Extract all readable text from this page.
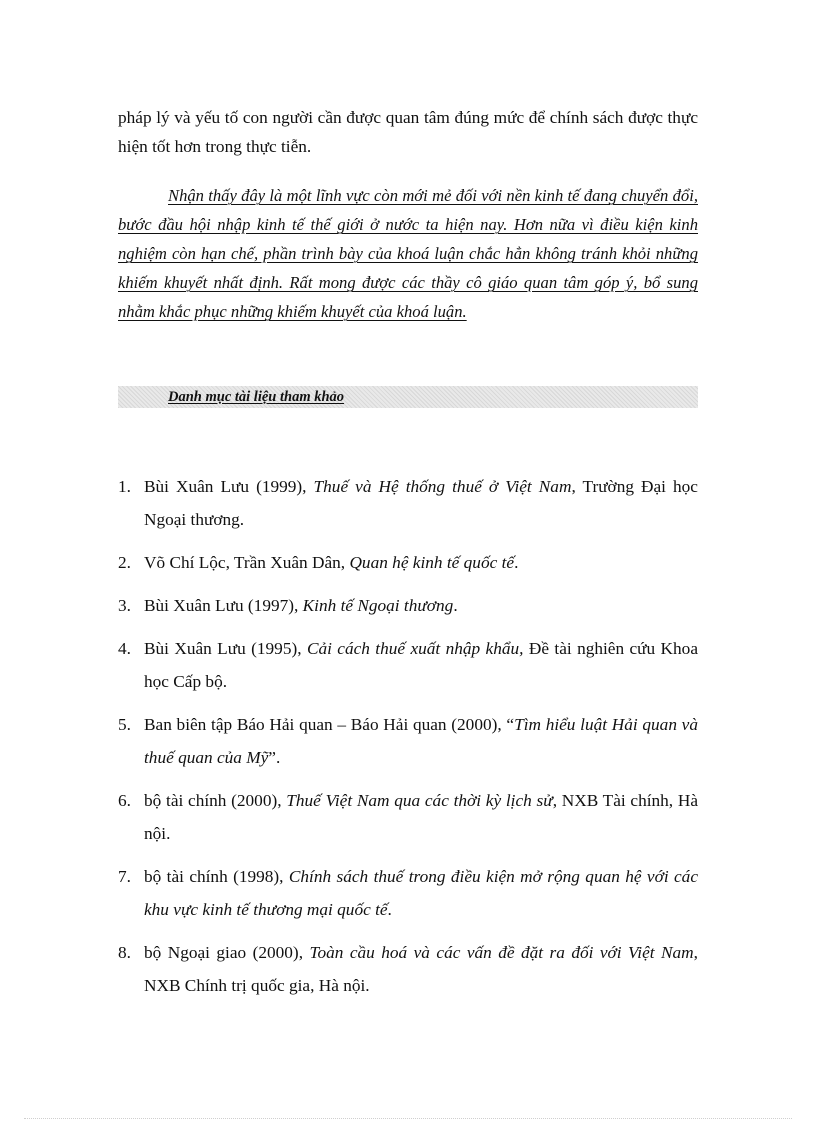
pháp lý và yếu tố con người cần được quan tâm đúng mức để chính sách được thực hiện tốt hơn trong thực tiễn.

Nhận thấy đây là một lĩnh vực còn mới mẻ đối với nền kinh tế đang chuyển đổi, bước đầu hội nhập kinh tế thế giới ở nước ta hiện nay. Hơn nữa vì điều kiện kinh nghiệm còn hạn chế, phần trình bày của khoá luận chắc hẳn không tránh khỏi những khiếm khuyết nhất định. Rất mong được các thầy cô giáo quan tâm góp ý, bổ sung nhằm khắc phục những khiếm khuyết của khoá luận.

Danh mục tài liệu tham khảo
1. Bùi Xuân Lưu (1999), Thuế và Hệ thống thuế ở Việt Nam, Trường Đại học Ngoại thương.
2. Võ Chí Lộc, Trần Xuân Dân, Quan hệ kinh tế quốc tế.
3. Bùi Xuân Lưu (1997), Kinh tế Ngoại thương.
4. Bùi Xuân Lưu (1995), Cải cách thuế xuất nhập khẩu, Đề tài nghiên cứu Khoa học Cấp bộ.
5. Ban biên tập Báo Hải quan – Báo Hải quan (2000), “Tìm hiểu luật Hải quan và thuế quan của Mỹ”.
6. bộ tài chính (2000), Thuế Việt Nam qua các thời kỳ lịch sử, NXB Tài chính, Hà nội.
7. bộ tài chính (1998), Chính sách thuế trong điều kiện mở rộng quan hệ với các khu vực kinh tế thương mại quốc tế.
8. bộ Ngoại giao (2000), Toàn cầu hoá và các vấn đề đặt ra đối với Việt Nam, NXB Chính trị quốc gia, Hà nội.
